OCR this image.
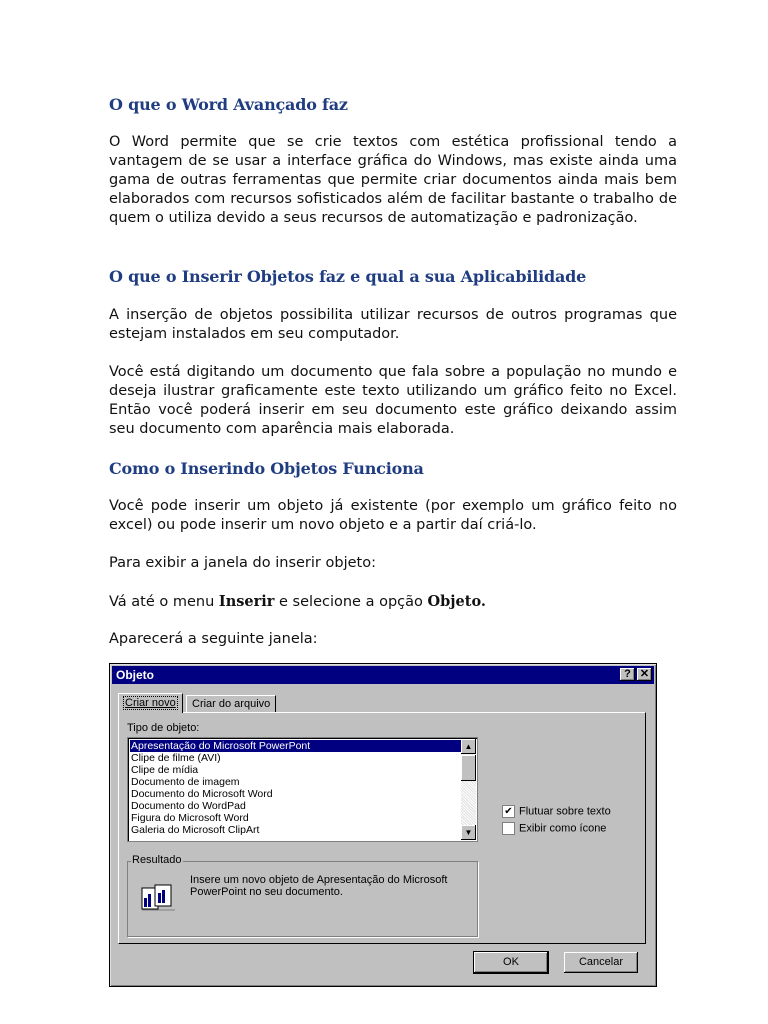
O que o Word Avançado faz

O Word permite que se crie textos com estética profissional tendo a vantagem de se usar a interface gráfica do Windows, mas existe ainda uma gama de outras ferramentas que permite criar documentos ainda mais bem elaborados com recursos sofisticados além de facilitar bastante o trabalho de quem o utiliza devido a seus recursos de automatização e padronização.

O que o Inserir Objetos faz e qual a sua Aplicabilidade

A inserção de objetos possibilita utilizar recursos de outros programas que estejam instalados em seu computador.

Você está digitando um documento que fala sobre a população no mundo e deseja ilustrar graficamente este texto utilizando um gráfico feito no Excel. Então você poderá inserir em seu documento este gráfico deixando assim seu documento com aparência mais elaborada.

Como o Inserindo Objetos Funciona

Você pode inserir um objeto já existente (por exemplo um gráfico feito no excel) ou pode inserir um novo objeto e a partir daí criá-lo.

Para exibir a janela do inserir objeto:

Vá até o menu Inserir e selecione a opção Objeto.

Aparecerá a seguinte janela:

Objeto	? ✕
Criar novo	Criar do arquivo
Tipo de objeto:
Apresentação do Microsoft PowerPont
Clipe de filme (AVI)
Clipe de mídia
Documento de imagem
Documento do Microsoft Word
Documento do WordPad
Figura do Microsoft Word
Galeria do Microsoft ClipArt
▲
▼
✔ Flutuar sobre texto
Exibir como ícone
Resultado
Insere um novo objeto de Apresentação do Microsoft PowerPoint no seu documento.
OK	Cancelar
